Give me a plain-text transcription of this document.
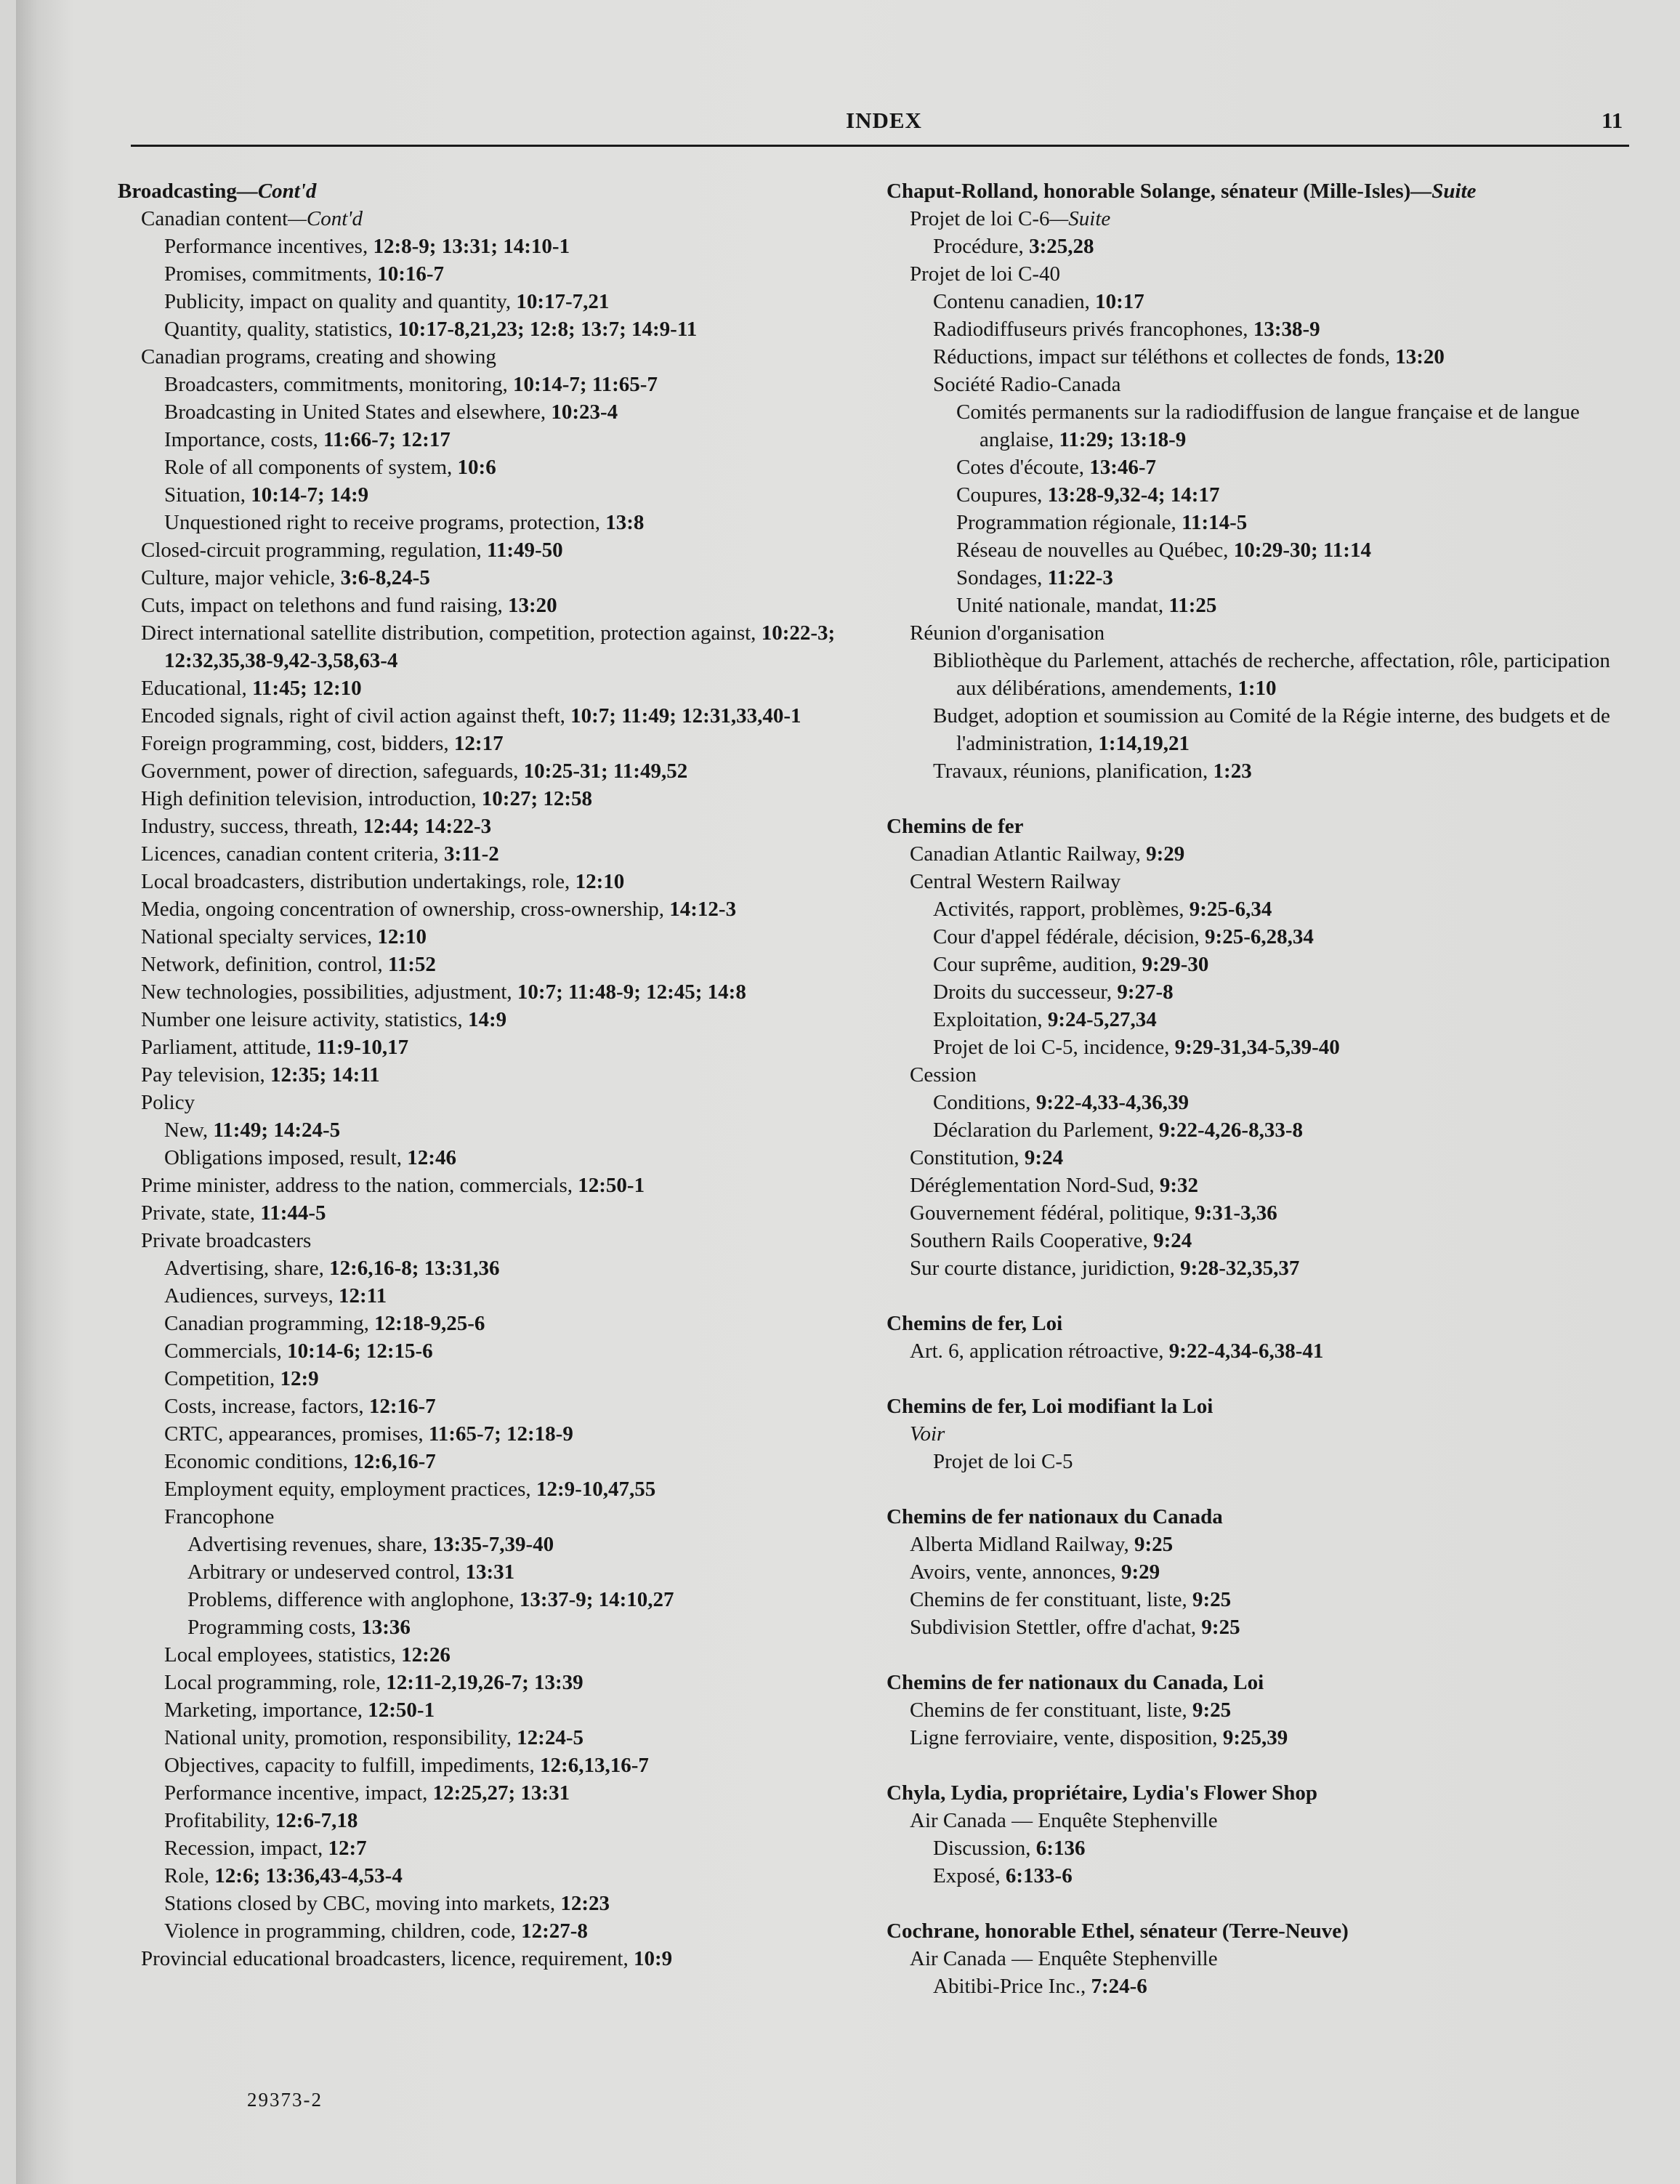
INDEX	11
Broadcasting—Cont'd
Canadian content—Cont'd
Performance incentives, 12:8-9; 13:31; 14:10-1
Promises, commitments, 10:16-7
Publicity, impact on quality and quantity, 10:17-7,21
Quantity, quality, statistics, 10:17-8,21,23; 12:8; 13:7; 14:9-11
Canadian programs, creating and showing
Broadcasters, commitments, monitoring, 10:14-7; 11:65-7
Broadcasting in United States and elsewhere, 10:23-4
Importance, costs, 11:66-7; 12:17
Role of all components of system, 10:6
Situation, 10:14-7; 14:9
Unquestioned right to receive programs, protection, 13:8
Closed-circuit programming, regulation, 11:49-50
Culture, major vehicle, 3:6-8,24-5
Cuts, impact on telethons and fund raising, 13:20
Direct international satellite distribution, competition, protection against, 10:22-3; 12:32,35,38-9,42-3,58,63-4
Educational, 11:45; 12:10
Encoded signals, right of civil action against theft, 10:7; 11:49; 12:31,33,40-1
Foreign programming, cost, bidders, 12:17
Government, power of direction, safeguards, 10:25-31; 11:49,52
High definition television, introduction, 10:27; 12:58
Industry, success, threath, 12:44; 14:22-3
Licences, canadian content criteria, 3:11-2
Local broadcasters, distribution undertakings, role, 12:10
Media, ongoing concentration of ownership, cross-ownership, 14:12-3
National specialty services, 12:10
Network, definition, control, 11:52
New technologies, possibilities, adjustment, 10:7; 11:48-9; 12:45; 14:8
Number one leisure activity, statistics, 14:9
Parliament, attitude, 11:9-10,17
Pay television, 12:35; 14:11
Policy
New, 11:49; 14:24-5
Obligations imposed, result, 12:46
Prime minister, address to the nation, commercials, 12:50-1
Private, state, 11:44-5
Private broadcasters
Advertising, share, 12:6,16-8; 13:31,36
Audiences, surveys, 12:11
Canadian programming, 12:18-9,25-6
Commercials, 10:14-6; 12:15-6
Competition, 12:9
Costs, increase, factors, 12:16-7
CRTC, appearances, promises, 11:65-7; 12:18-9
Economic conditions, 12:6,16-7
Employment equity, employment practices, 12:9-10,47,55
Francophone
Advertising revenues, share, 13:35-7,39-40
Arbitrary or undeserved control, 13:31
Problems, difference with anglophone, 13:37-9; 14:10,27
Programming costs, 13:36
Local employees, statistics, 12:26
Local programming, role, 12:11-2,19,26-7; 13:39
Marketing, importance, 12:50-1
National unity, promotion, responsibility, 12:24-5
Objectives, capacity to fulfill, impediments, 12:6,13,16-7
Performance incentive, impact, 12:25,27; 13:31
Profitability, 12:6-7,18
Recession, impact, 12:7
Role, 12:6; 13:36,43-4,53-4
Stations closed by CBC, moving into markets, 12:23
Violence in programming, children, code, 12:27-8
Provincial educational broadcasters, licence, requirement, 10:9
Chaput-Rolland, honorable Solange, sénateur (Mille-Isles)—Suite
Projet de loi C-6—Suite
Procédure, 3:25,28
Projet de loi C-40
Contenu canadien, 10:17
Radiodiffuseurs privés francophones, 13:38-9
Réductions, impact sur téléthons et collectes de fonds, 13:20
Société Radio-Canada
Comités permanents sur la radiodiffusion de langue française et de langue anglaise, 11:29; 13:18-9
Cotes d'écoute, 13:46-7
Coupures, 13:28-9,32-4; 14:17
Programmation régionale, 11:14-5
Réseau de nouvelles au Québec, 10:29-30; 11:14
Sondages, 11:22-3
Unité nationale, mandat, 11:25
Réunion d'organisation
Bibliothèque du Parlement, attachés de recherche, affectation, rôle, participation aux délibérations, amendements, 1:10
Budget, adoption et soumission au Comité de la Régie interne, des budgets et de l'administration, 1:14,19,21
Travaux, réunions, planification, 1:23
Chemins de fer
Canadian Atlantic Railway, 9:29
Central Western Railway
Activités, rapport, problèmes, 9:25-6,34
Cour d'appel fédérale, décision, 9:25-6,28,34
Cour suprême, audition, 9:29-30
Droits du successeur, 9:27-8
Exploitation, 9:24-5,27,34
Projet de loi C-5, incidence, 9:29-31,34-5,39-40
Cession
Conditions, 9:22-4,33-4,36,39
Déclaration du Parlement, 9:22-4,26-8,33-8
Constitution, 9:24
Déréglementation Nord-Sud, 9:32
Gouvernement fédéral, politique, 9:31-3,36
Southern Rails Cooperative, 9:24
Sur courte distance, juridiction, 9:28-32,35,37
Chemins de fer, Loi
Art. 6, application rétroactive, 9:22-4,34-6,38-41
Chemins de fer, Loi modifiant la Loi
Voir
Projet de loi C-5
Chemins de fer nationaux du Canada
Alberta Midland Railway, 9:25
Avoirs, vente, annonces, 9:29
Chemins de fer constituant, liste, 9:25
Subdivision Stettler, offre d'achat, 9:25
Chemins de fer nationaux du Canada, Loi
Chemins de fer constituant, liste, 9:25
Ligne ferroviaire, vente, disposition, 9:25,39
Chyla, Lydia, propriétaire, Lydia's Flower Shop
Air Canada — Enquête Stephenville
Discussion, 6:136
Exposé, 6:133-6
Cochrane, honorable Ethel, sénateur (Terre-Neuve)
Air Canada — Enquête Stephenville
Abitibi-Price Inc., 7:24-6
29373-2
